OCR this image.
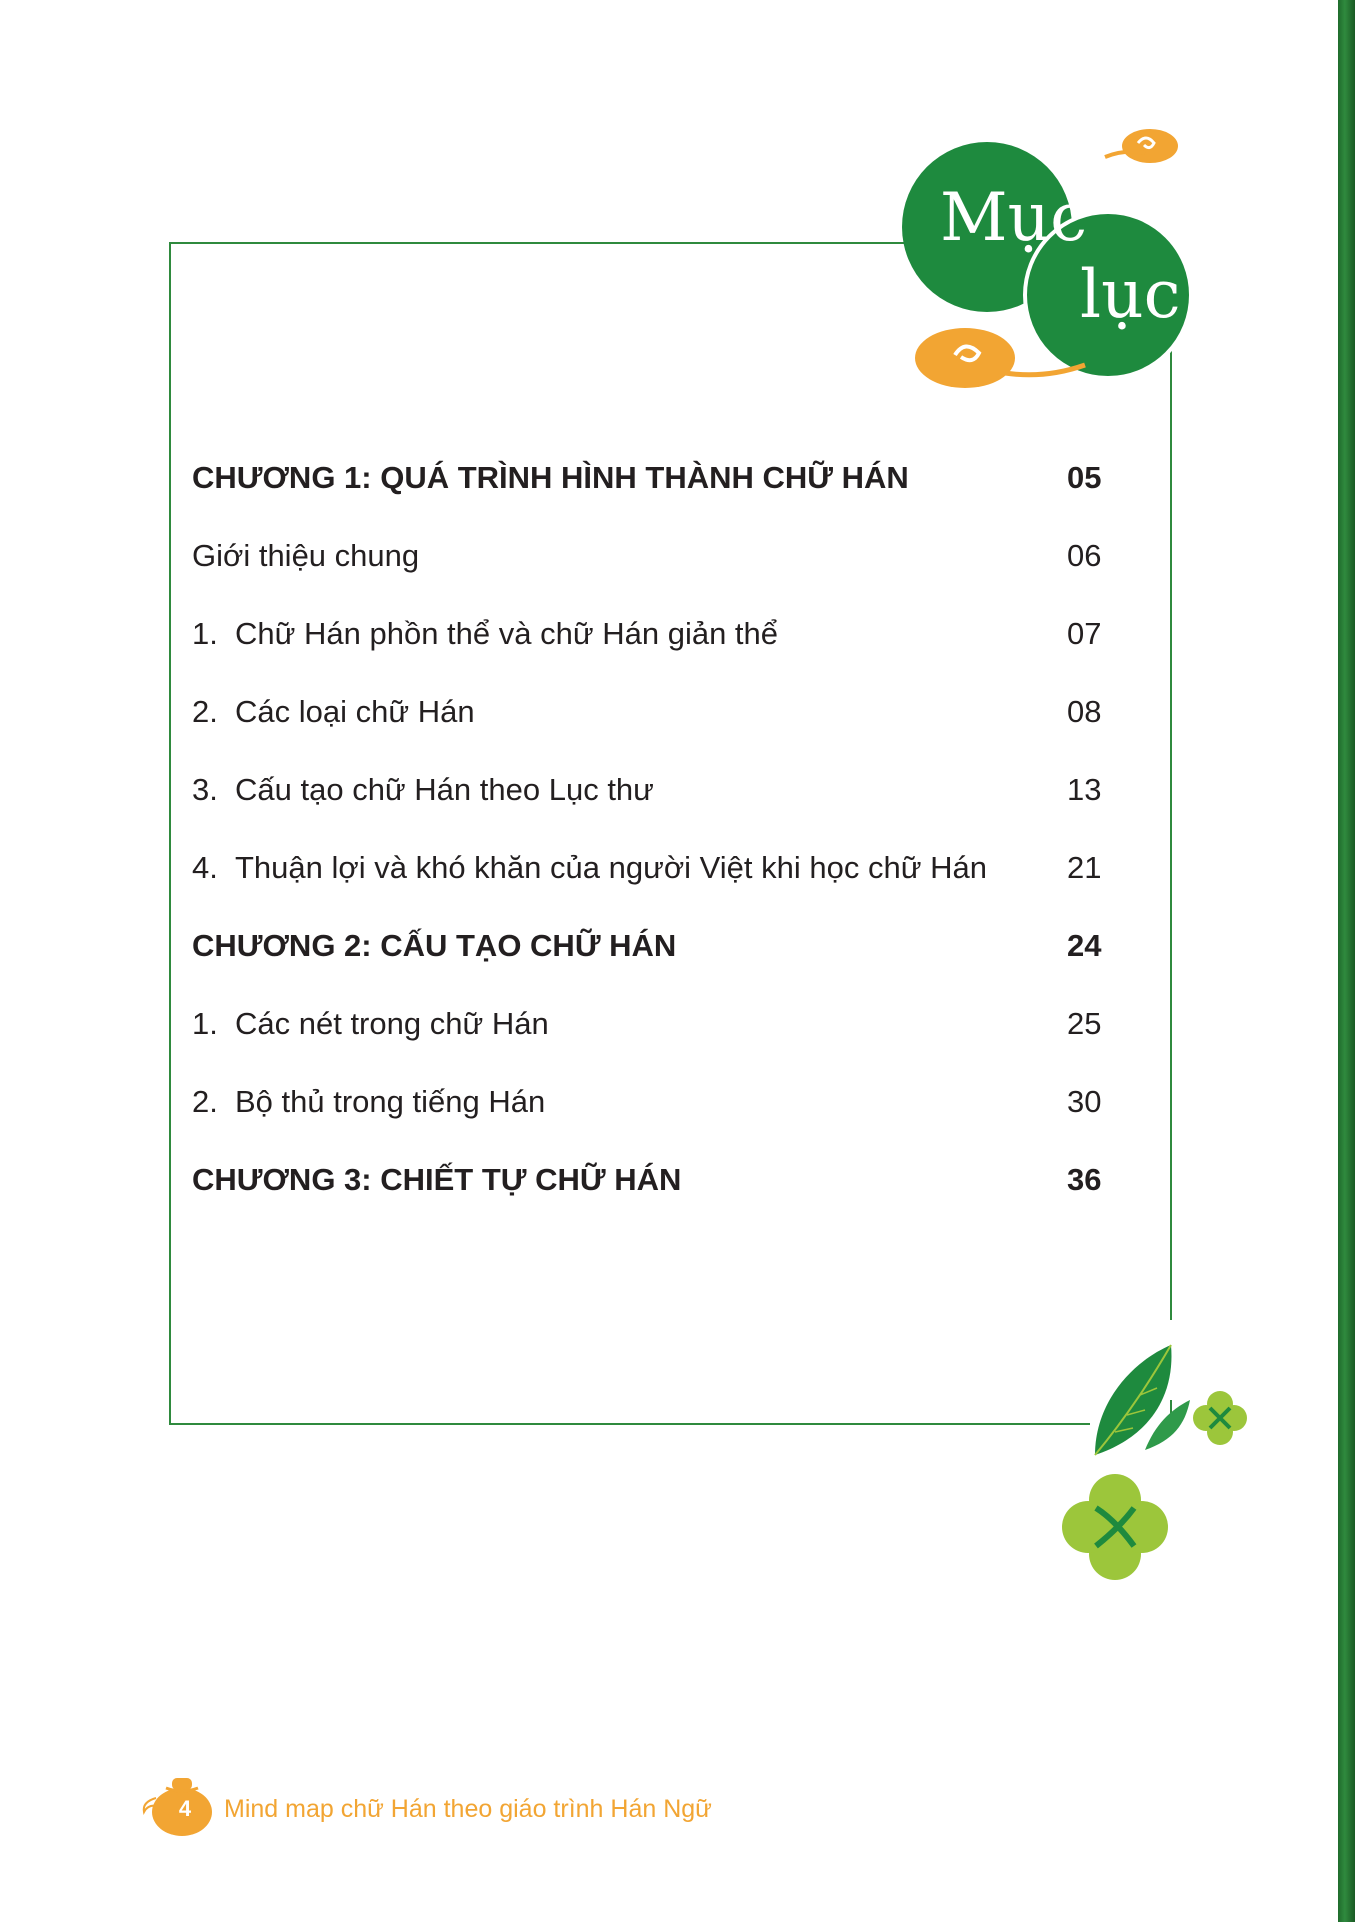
Mục
lục
CHƯƠNG 1: QUÁ TRÌNH HÌNH THÀNH CHỮ HÁN	05
Giới thiệu chung	06
1. Chữ Hán phồn thể và chữ Hán giản thể	07
2. Các loại chữ Hán	08
3. Cấu tạo chữ Hán theo Lục thư	13
4. Thuận lợi và khó khăn của người Việt khi học chữ Hán	21
CHƯƠNG 2: CẤU TẠO CHỮ HÁN	24
1. Các nét trong chữ Hán	25
2. Bộ thủ trong tiếng Hán	30
CHƯƠNG 3: CHIẾT TỰ CHỮ HÁN	36
4	Mind map chữ Hán theo giáo trình Hán Ngữ
